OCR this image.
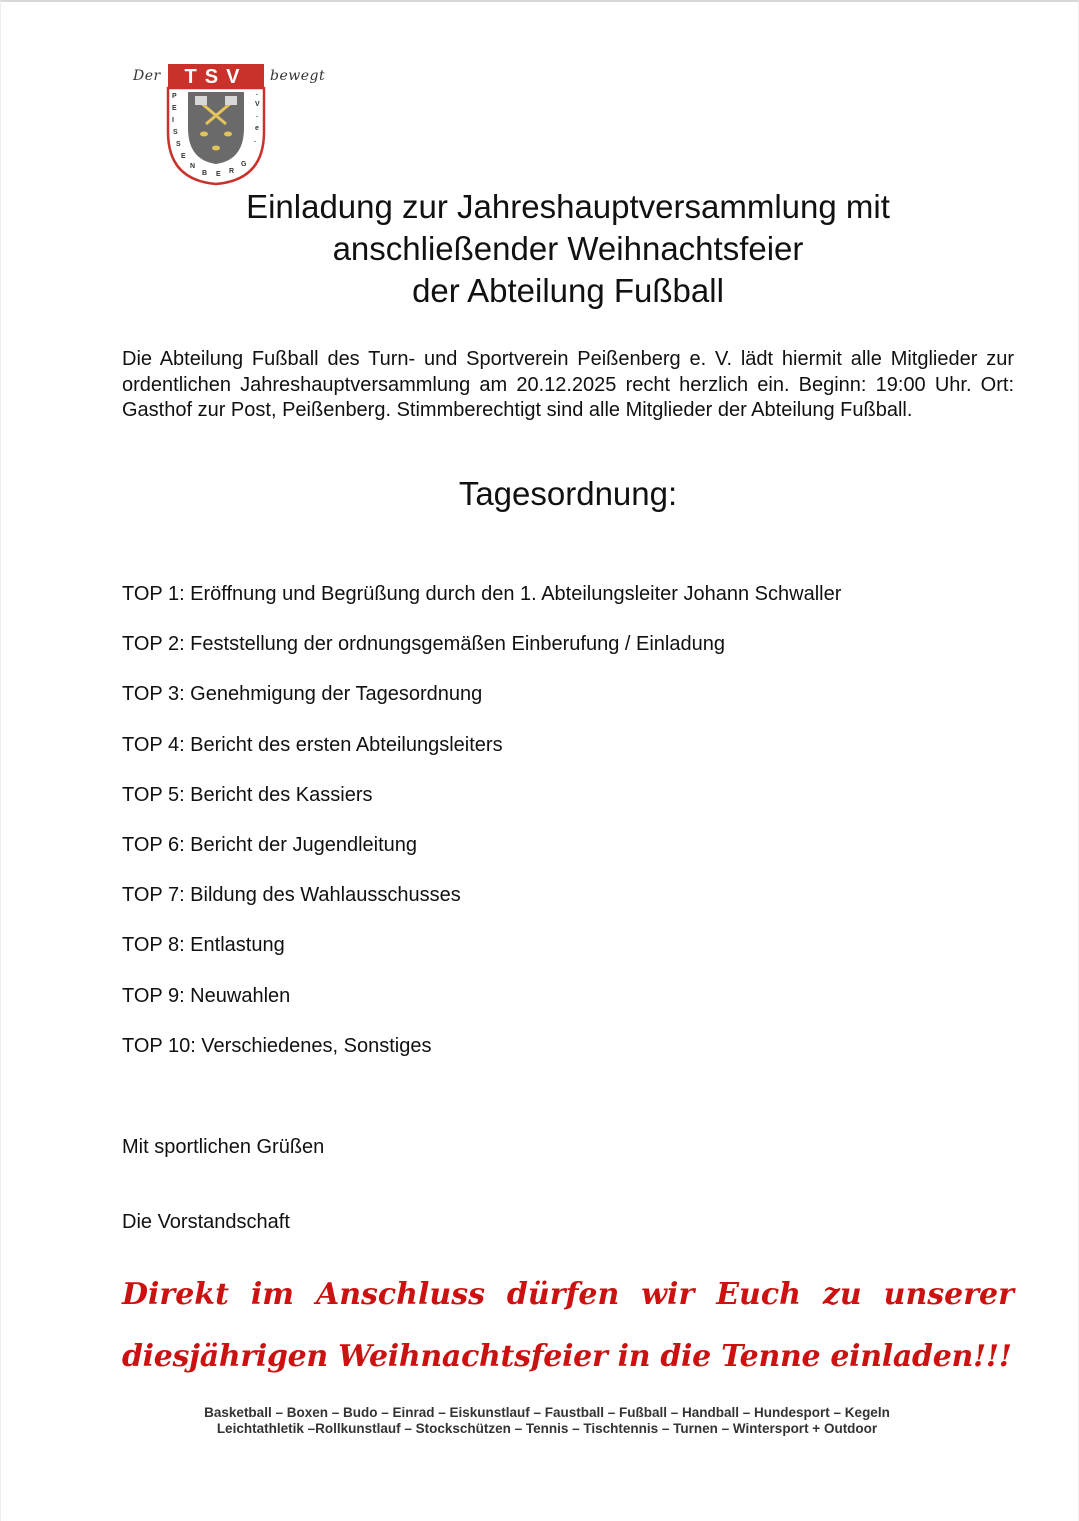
Der TSV
P
E
I
S
S
E
N
B E R
G
.
e
.
V
.
bewegt
Einladung zur Jahreshauptversammlung mit
anschließender Weihnachtsfeier
der Abteilung Fußball
Die Abteilung Fußball des Turn- und Sportverein Peißenberg e. V. lädt hiermit alle Mitglieder zur ordentlichen Jahreshauptversammlung am 20.12.2025 recht herzlich ein. Beginn: 19:00 Uhr. Ort: Gasthof zur Post, Peißenberg. Stimmberechtigt sind alle Mitglieder der Abteilung Fußball.
Tagesordnung:
TOP 1: Eröffnung und Begrüßung durch den 1. Abteilungsleiter Johann Schwaller
TOP 2: Feststellung der ordnungsgemäßen Einberufung / Einladung
TOP 3: Genehmigung der Tagesordnung
TOP 4: Bericht des ersten Abteilungsleiters
TOP 5: Bericht des Kassiers
TOP 6: Bericht der Jugendleitung
TOP 7: Bildung des Wahlausschusses
TOP 8: Entlastung
TOP 9: Neuwahlen
TOP 10: Verschiedenes, Sonstiges
Mit sportlichen Grüßen
Die Vorstandschaft
Direkt im Anschluss dürfen wir Euch zu unserer
diesjährigen Weihnachtsfeier in die Tenne einladen!!!
Basketball – Boxen – Budo – Einrad – Eiskunstlauf – Faustball – Fußball – Handball – Hundesport – Kegeln
Leichtathletik –Rollkunstlauf – Stockschützen – Tennis – Tischtennis – Turnen – Wintersport + Outdoor
